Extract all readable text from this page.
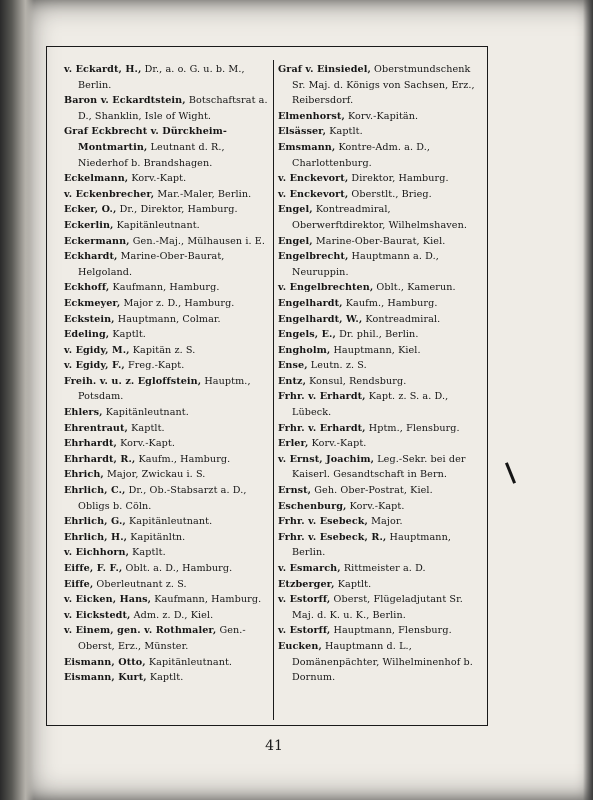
v. Eckardt, H., Dr., a. o. G. u. b. M., Berlin.
Baron v. Eckardtstein, Botschaftsrat a. D., Shanklin, Isle of Wight.
Graf Eckbrecht v. Dürckheim-Montmartin, Leutnant d. R., Niederhof b. Brandshagen.
Eckelmann, Korv.-Kapt.
v. Eckenbrecher, Mar.-Maler, Berlin.
Ecker, O., Dr., Direktor, Hamburg.
Eckerlin, Kapitänleutnant.
Eckermann, Gen.-Maj., Mülhausen i. E.
Eckhardt, Marine-Ober-Baurat, Helgoland.
Eckhoff, Kaufmann, Hamburg.
Eckmeyer, Major z. D., Hamburg.
Eckstein, Hauptmann, Colmar.
Edeling, Kaptlt.
v. Egidy, M., Kapitän z. S.
v. Egidy, F., Freg.-Kapt.
Freih. v. u. z. Egloffstein, Hauptm., Potsdam.
Ehlers, Kapitänleutnant.
Ehrentraut, Kaptlt.
Ehrhardt, Korv.-Kapt.
Ehrhardt, R., Kaufm., Hamburg.
Ehrich, Major, Zwickau i. S.
Ehrlich, C., Dr., Ob.-Stabsarzt a. D., Obligs b. Cöln.
Ehrlich, G., Kapitänleutnant.
Ehrlich, H., Kapitänltn.
v. Eichhorn, Kaptlt.
Eiffe, F. F., Oblt. a. D., Hamburg.
Eiffe, Oberleutnant z. S.
v. Eicken, Hans, Kaufmann, Hamburg.
v. Eickstedt, Adm. z. D., Kiel.
v. Einem, gen. v. Rothmaler, Gen.-Oberst, Erz., Münster.
Eismann, Otto, Kapitänleutnant.
Eismann, Kurt, Kaptlt.
Graf v. Einsiedel, Oberstmundschenk Sr. Maj. d. Königs von Sachsen, Erz., Reibersdorf.
Elmenhorst, Korv.-Kapitän.
Elsässer, Kaptlt.
Emsmann, Kontre-Adm. a. D., Charlottenburg.
v. Enckevort, Direktor, Hamburg.
v. Enckevort, Oberstlt., Brieg.
Engel, Kontreadmiral, Oberwerftdirektor, Wilhelmshaven.
Engel, Marine-Ober-Baurat, Kiel.
Engelbrecht, Hauptmann a. D., Neuruppin.
v. Engelbrechten, Oblt., Kamerun.
Engelhardt, Kaufm., Hamburg.
Engelhardt, W., Kontreadmiral.
Engels, E., Dr. phil., Berlin.
Engholm, Hauptmann, Kiel.
Ense, Leutn. z. S.
Entz, Konsul, Rendsburg.
Frhr. v. Erhardt, Kapt. z. S. a. D., Lübeck.
Frhr. v. Erhardt, Hptm., Flensburg.
Erler, Korv.-Kapt.
v. Ernst, Joachim, Leg.-Sekr. bei der Kaiserl. Gesandtschaft in Bern.
Ernst, Geh. Ober-Postrat, Kiel.
Eschenburg, Korv.-Kapt.
Frhr. v. Esebeck, Major.
Frhr. v. Esebeck, R., Hauptmann, Berlin.
v. Esmarch, Rittmeister a. D.
Etzberger, Kaptlt.
v. Estorff, Oberst, Flügeladjutant Sr. Maj. d. K. u. K., Berlin.
v. Estorff, Hauptmann, Flensburg.
Eucken, Hauptmann d. L., Domänenpächter, Wilhelminenhof b. Dornum.
41
